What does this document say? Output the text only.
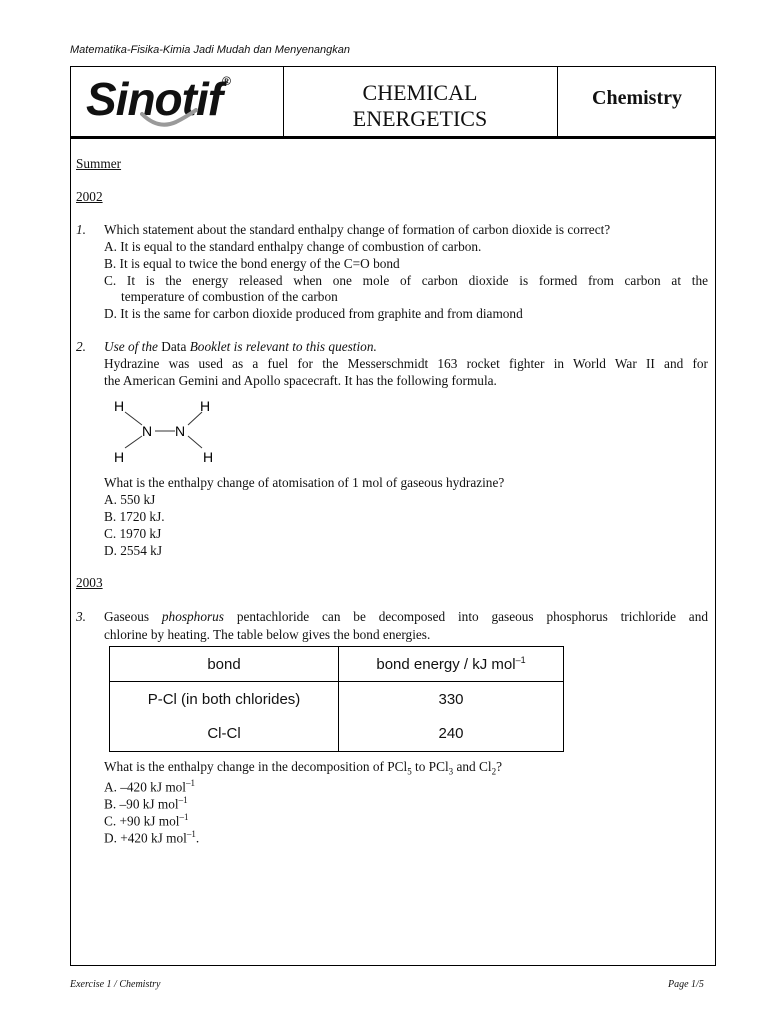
Matematika-Fisika-Kimia Jadi Mudah dan Menyenangkan
Sinotif®	CHEMICAL
ENERGETICS
Chemistry
Summer
2002
1. Which statement about the standard enthalpy change of formation of carbon dioxide is correct?
A. It is equal to the standard enthalpy change of combustion of carbon.
B. It is equal to twice the bond energy of the C=O bond
C. It is the energy released when one mole of carbon dioxide is formed from carbon at the
temperature of combustion of the carbon
D. It is the same for carbon dioxide produced from graphite and from diamond
2. Use of the Data Booklet is relevant to this question.
Hydrazine was used as a fuel for the Messerschmidt 163 rocket fighter in World War II and for
the American Gemini and Apollo spacecraft. It has the following formula.
H	H
N N
H	H
What is the enthalpy change of atomisation of 1 mol of gaseous hydrazine?
A. 550 kJ
B. 1720 kJ.
C. 1970 kJ
D. 2554 kJ
2003
3. Gaseous phosphorus pentachloride can be decomposed into gaseous phosphorus trichloride and
chlorine by heating. The table below gives the bond energies.
bond	bond energy / kJ mol$^{-1}$
P-Cl (in both chlorides)	330
Cl-Cl	240
What is the enthalpy change in the decomposition of PCl$_5$ to PCl$_3$ and $Cl_2$?
A. –420 kJ mol$^{-1}$
B. –90 kJ mol$^{-1}$
C. +90 kJ mol$^{-1}$
D. +420 kJ mol$^{-1}$.
Exercise 1 / Chemistry	Page 1/5
